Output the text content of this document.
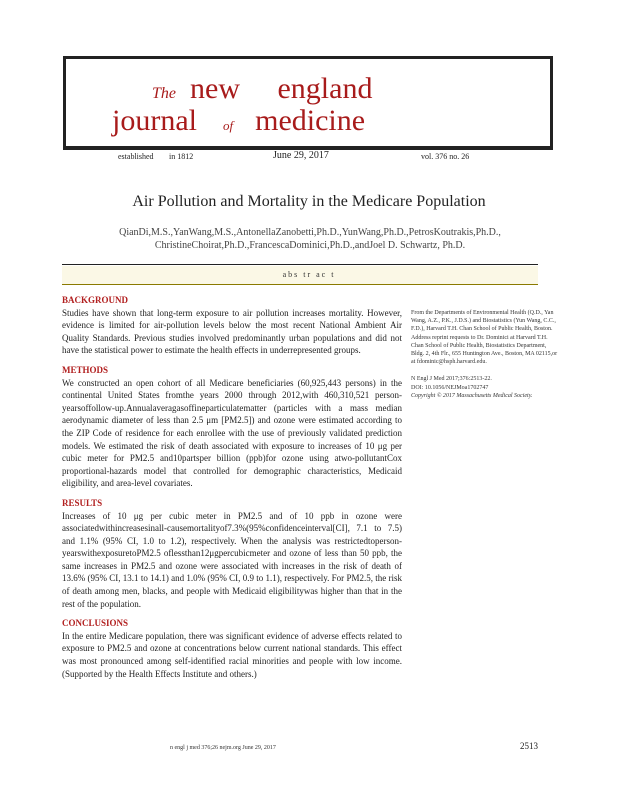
The new england
journal of medicine
established in 1812	June 29, 2017	vol. 376 no. 26
Air Pollution and Mortality in the Medicare Population
QianDi,M.S.,YanWang,M.S.,AntonellaZanobetti,Ph.D.,YunWang,Ph.D.,PetrosKoutrakis,Ph.D.,
ChristineChoirat,Ph.D.,FrancescaDominici,Ph.D.,andJoel D. Schwartz, Ph.D.
abs tr ac t
BACKGROUND

Studies have shown that long-term exposure to air pollution increases mortality. However, evidence is limited for air-pollution levels below the most recent National Ambient Air Quality Standards. Previous studies involved predominantly urban populations and did not have the statistical power to estimate the health effects in underrepresented groups.

METHODS

We constructed an open cohort of all Medicare beneficiaries (60,925,443 persons) in the continental United States fromthe years 2000 through 2012,with 460,310,521 person-yearsoffollow-up.Annualaveragasoffineparticulatematter (particles with a mass median aerodynamic diameter of less than 2.5 μm [PM2.5]) and ozone were estimated according to the ZIP Code of residence for each enrollee with the use of previously validated prediction models. We estimated the risk of death associated with exposure to increases of 10 μg per cubic meter for PM2.5 and10partsper billion (ppb)for ozone using atwo-pollutantCox proportional-hazards model that controlled for demographic characteristics, Medicaid eligibility, and area-level covariates.

RESULTS

Increases of 10 μg per cubic meter in PM2.5 and of 10 ppb in ozone were associatedwithincreasesinall-causemortalityof7.3%(95%confidenceinterval[CI], 7.1 to 7.5) and 1.1% (95% CI, 1.0 to 1.2), respectively. When the analysis was restrictedtoperson-yearswithexposuretoPM2.5 oflessthan12μgpercubicmeter and ozone of less than 50 ppb, the same increases in PM2.5 and ozone were associated with increases in the risk of death of 13.6% (95% CI, 13.1 to 14.1) and 1.0% (95% CI, 0.9 to 1.1), respectively. For PM2.5, the risk of death among men, blacks, and people with Medicaid eligibilitywas higher than that in the rest of the population.

CONCLUSIONS

In the entire Medicare population, there was significant evidence of adverse effects related to exposure to PM2.5 and ozone at concentrations below current national standards. This effect was most pronounced among self-identified racial minorities and people with low income. (Supported by the Health Effects Institute and others.)

From the Departments of Environmental Health (Q.D., Yan Wang, A.Z., P.K., J.D.S.) and Biostatistics (Yun Wang, C.C., F.D.), Harvard T.H. Chan School of Public Health, Boston. Address reprint requests to Dr. Dominici at Harvard T.H. Chan School of Public Health, Biostatistics Department, Bldg. 2, 4th Flr., 655 Huntington Ave., Boston, MA 02115,or at fdominic@hsph.harvard.edu.

N Engl J Med 2017;376:2513-22.
DOI: 10.1056/NEJMoa1702747
Copyright © 2017 Massachusetts Medical Society.
n engl j med 376;26 nejm.org June 29, 2017	2513
